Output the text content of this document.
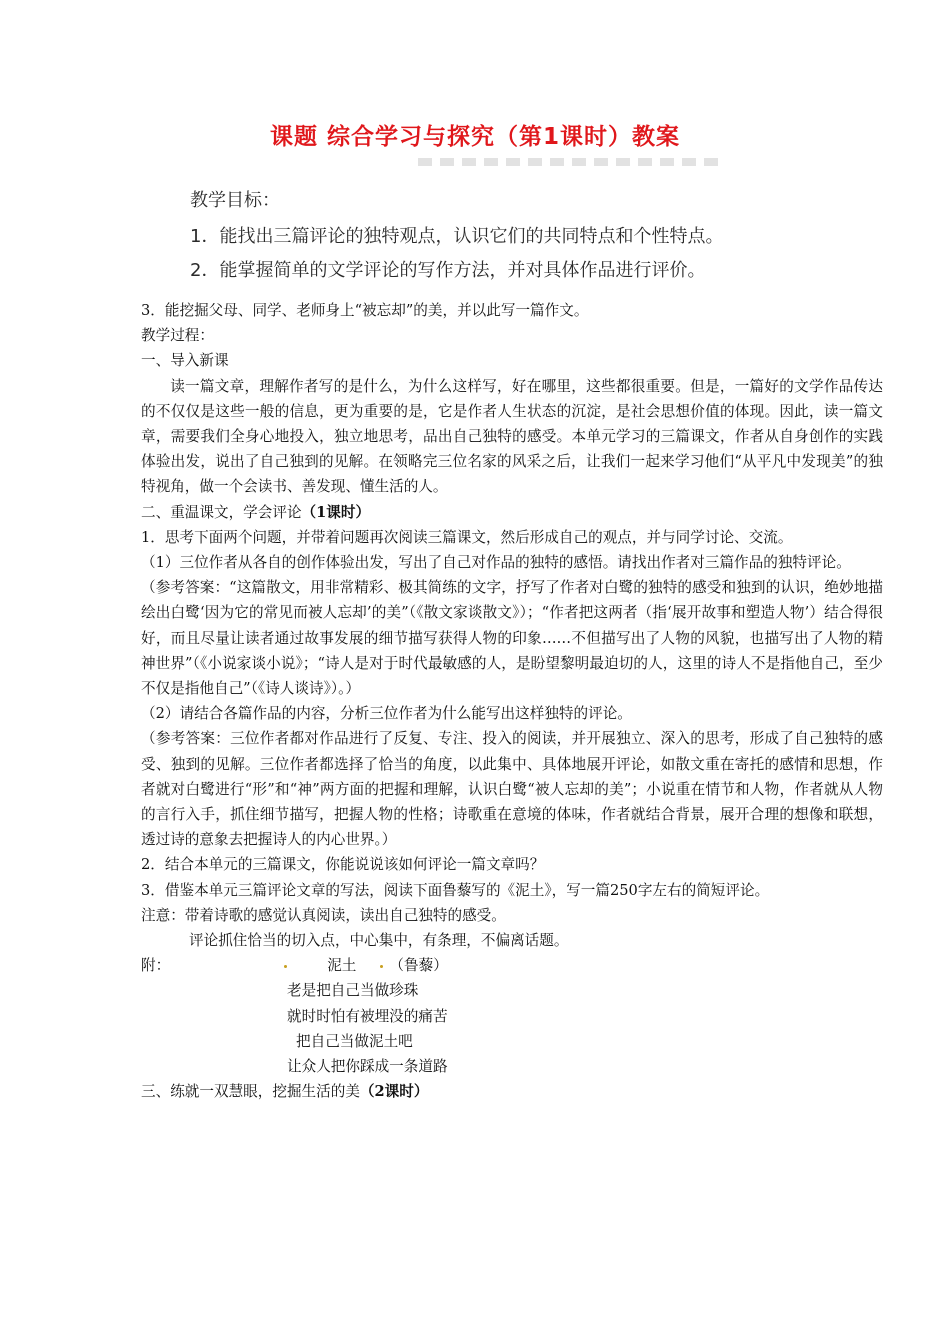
课题 综合学习与探究（第1课时）教案
教学目标：
1．能找出三篇评论的独特观点，认识它们的共同特点和个性特点。
2．能掌握简单的文学评论的写作方法，并对具体作品进行评价。

3．能挖掘父母、同学、老师身上“被忘却”的美，并以此写一篇作文。

教学过程：

一、导入新课

读一篇文章，理解作者写的是什么，为什么这样写，好在哪里，这些都很重要。但是，一篇好的文学作品传达的不仅仅是这些一般的信息，更为重要的是，它是作者人生状态的沉淀，是社会思想价值的体现。因此，读一篇文章，需要我们全身心地投入，独立地思考，品出自己独特的感受。本单元学习的三篇课文，作者从自身创作的实践体验出发，说出了自己独到的见解。在领略完三位名家的风采之后，让我们一起来学习他们“从平凡中发现美”的独特视角，做一个会读书、善发现、懂生活的人。

二、重温课文，学会评论（1课时）

1．思考下面两个问题，并带着问题再次阅读三篇课文，然后形成自己的观点，并与同学讨论、交流。

（1）三位作者从各自的创作体验出发，写出了自己对作品的独特的感悟。请找出作者对三篇作品的独特评论。

（参考答案：“这篇散文，用非常精彩、极其简练的文字，抒写了作者对白鹭的独特的感受和独到的认识，绝妙地描绘出白鹭‘因为它的常见而被人忘却’的美”（《散文家谈散文》）；“作者把这两者（指‘展开故事和塑造人物’）结合得很好，而且尽量让读者通过故事发展的细节描写获得人物的印象……不但描写出了人物的风貌，也描写出了人物的精神世界”（《小说家谈小说》；“诗人是对于时代最敏感的人，是盼望黎明最迫切的人，这里的诗人不是指他自己，至少不仅是指他自己”（《诗人谈诗》）。）

（2）请结合各篇作品的内容，分析三位作者为什么能写出这样独特的评论。

（参考答案：三位作者都对作品进行了反复、专注、投入的阅读，并开展独立、深入的思考，形成了自己独特的感受、独到的见解。三位作者都选择了恰当的角度，以此集中、具体地展开评论，如散文重在寄托的感情和思想，作者就对白鹭进行“形”和“神”两方面的把握和理解，认识白鹭“被人忘却的美”；小说重在情节和人物，作者就从人物的言行入手，抓住细节描写，把握人物的性格；诗歌重在意境的体味，作者就结合背景，展开合理的想像和联想，透过诗的意象去把握诗人的内心世界。）

2．结合本单元的三篇课文，你能说说该如何评论一篇文章吗？

3．借鉴本单元三篇评论文章的写法，阅读下面鲁藜写的《泥土》，写一篇250字左右的简短评论。

注意：带着诗歌的感觉认真阅读，读出自己独特的感受。

评论抓住恰当的切入点，中心集中，有条理，不偏离话题。

附：	泥土 （鲁藜）

老是把自己当做珍珠

就时时怕有被埋没的痛苦

把自己当做泥土吧

让众人把你踩成一条道路

三、练就一双慧眼，挖掘生活的美（2课时）
